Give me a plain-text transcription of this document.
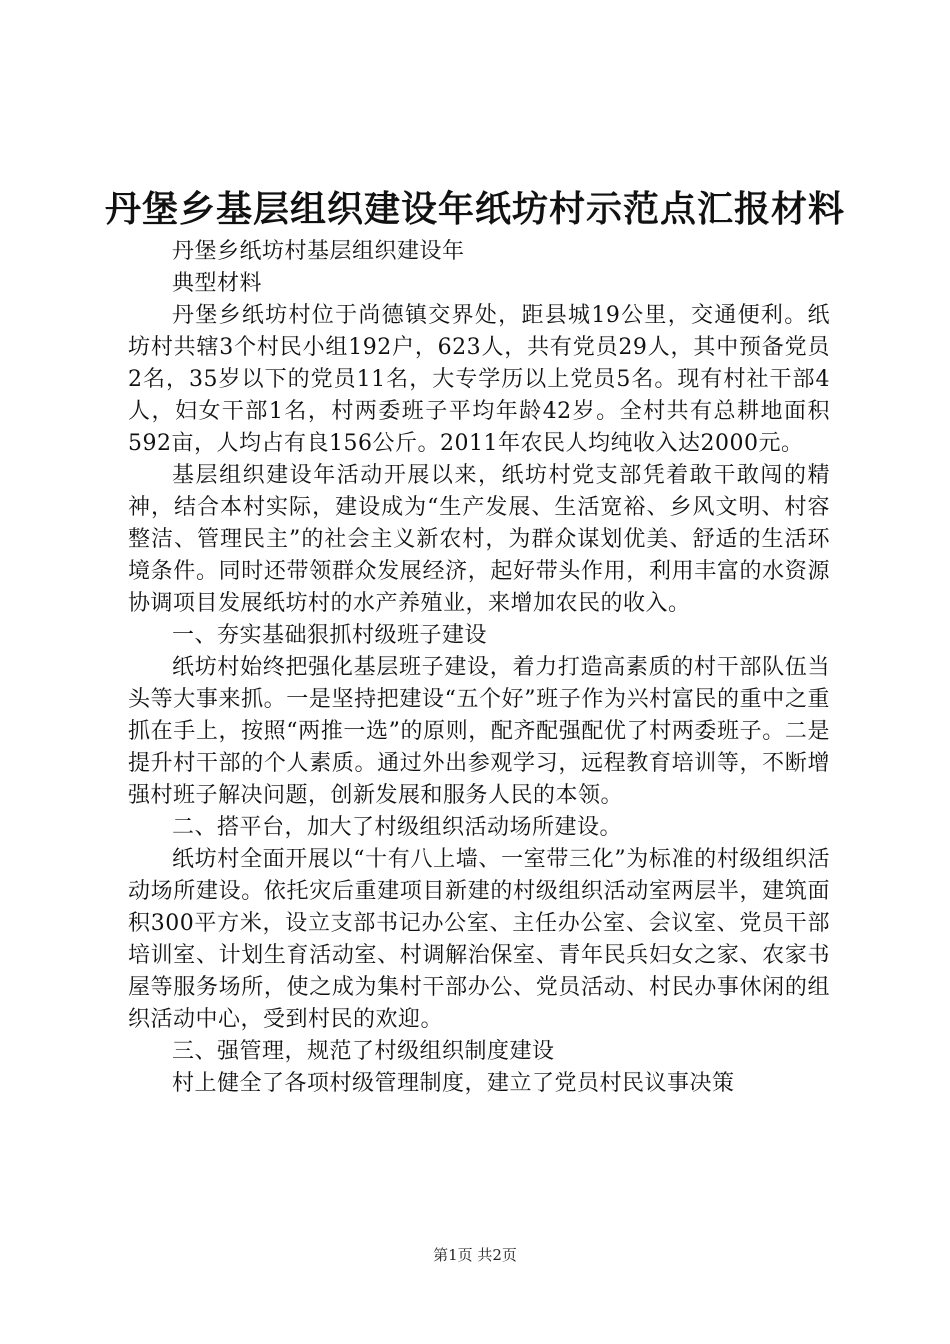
丹堡乡基层组织建设年纸坊村示范点汇报材料

丹堡乡纸坊村基层组织建设年

典型材料

丹堡乡纸坊村位于尚德镇交界处，距县城19公里，交通便利。纸坊村共辖3个村民小组192户，623人，共有党员29人，其中预备党员2名，35岁以下的党员11名，大专学历以上党员5名。现有村社干部4人，妇女干部1名，村两委班子平均年龄42岁。全村共有总耕地面积592亩，人均占有良156公斤。2011年农民人均纯收入达2000元。

基层组织建设年活动开展以来，纸坊村党支部凭着敢干敢闯的精神，结合本村实际，建设成为“生产发展、生活宽裕、乡风文明、村容整洁、管理民主”的社会主义新农村，为群众谋划优美、舒适的生活环境条件。同时还带领群众发展经济，起好带头作用，利用丰富的水资源协调项目发展纸坊村的水产养殖业，来增加农民的收入。

一、夯实基础狠抓村级班子建设

纸坊村始终把强化基层班子建设，着力打造高素质的村干部队伍当头等大事来抓。一是坚持把建设“五个好”班子作为兴村富民的重中之重抓在手上，按照“两推一选”的原则，配齐配强配优了村两委班子。二是提升村干部的个人素质。通过外出参观学习，远程教育培训等，不断增强村班子解决问题，创新发展和服务人民的本领。

二、搭平台，加大了村级组织活动场所建设。

纸坊村全面开展以“十有八上墙、一室带三化”为标准的村级组织活动场所建设。依托灾后重建项目新建的村级组织活动室两层半，建筑面积300平方米，设立支部书记办公室、主任办公室、会议室、党员干部培训室、计划生育活动室、村调解治保室、青年民兵妇女之家、农家书屋等服务场所，使之成为集村干部办公、党员活动、村民办事休闲的组织活动中心，受到村民的欢迎。

三、强管理，规范了村级组织制度建设

村上健全了各项村级管理制度，建立了党员村民议事决策

第1页 共2页
